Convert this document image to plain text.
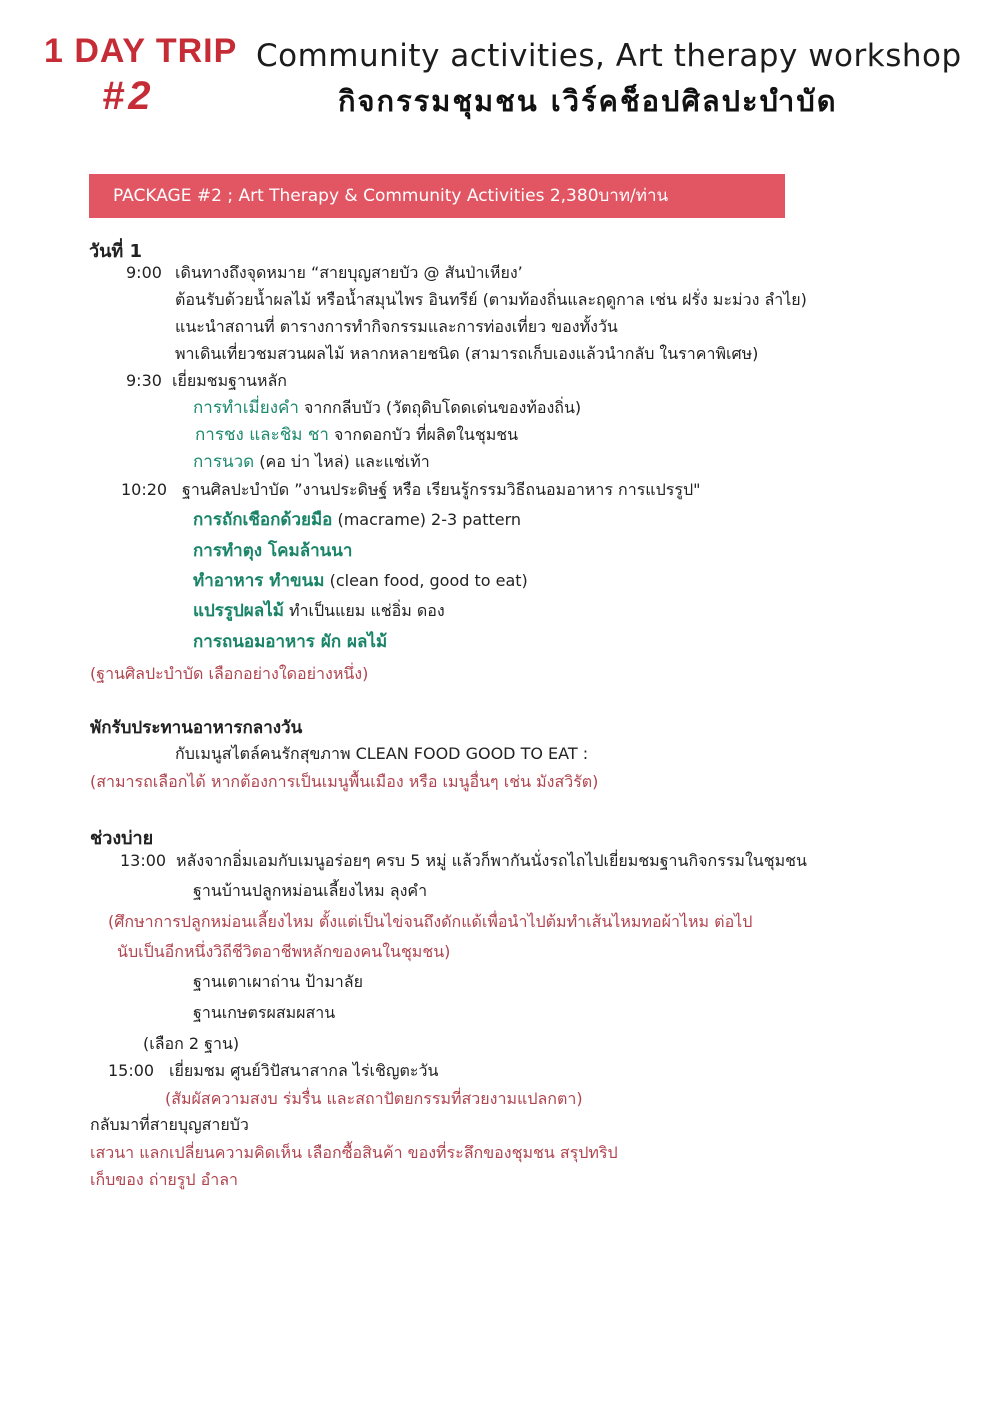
1 DAY TRIP
#2
Community activities, Art therapy workshop
กิจกรรมชุมชน เวิร์คช็อปศิลปะบำบัด
PACKAGE #2 ; Art Therapy & Community Activities 2,380บาท/ท่าน
วันที่ 1
9:00 เดินทางถึงจุดหมาย “สายบุญสายบัว @ สันป่าเหียง’
ต้อนรับด้วยน้ำผลไม้ หรือน้ำสมุนไพร อินทรีย์ (ตามท้องถิ่นและฤดูกาล เช่น ฝรั่ง มะม่วง ลำไย)
แนะนำสถานที่ ตารางการทำกิจกรรมและการท่องเที่ยว ของทั้งวัน
พาเดินเที่ยวชมสวนผลไม้ หลากหลายชนิด (สามารถเก็บเองแล้วนำกลับ ในราคาพิเศษ)
9:30 เยี่ยมชมฐานหลัก
การทำเมี่ยงคำ จากกลีบบัว (วัตถุดิบโดดเด่นของท้องถิ่น)
การชง และชิม ชา จากดอกบัว ที่ผลิตในชุมชน
การนวด (คอ บ่า ไหล่) และแช่เท้า
10:20 ฐานศิลปะบำบัด ”งานประดิษฐ์ หรือ เรียนรู้กรรมวิธีถนอมอาหาร การแปรรูป"
การถักเชือกด้วยมือ (macrame) 2-3 pattern
การทำตุง โคมล้านนา
ทำอาหาร ทำขนม (clean food, good to eat)
แปรรูปผลไม้ ทำเป็นแยม แช่อิ่ม ดอง
การถนอมอาหาร ผัก ผลไม้
(ฐานศิลปะบำบัด เลือกอย่างใดอย่างหนึ่ง)
พักรับประทานอาหารกลางวัน
กับเมนูสไตล์คนรักสุขภาพ CLEAN FOOD GOOD TO EAT :
(สามารถเลือกได้ หากต้องการเป็นเมนูพื้นเมือง หรือ เมนูอื่นๆ เช่น มังสวิรัต)
ช่วงบ่าย
13:00 หลังจากอิ่มเอมกับเมนูอร่อยๆ ครบ 5 หมู่ แล้วก็พากันนั่งรถไถไปเยี่ยมชมฐานกิจกรรมในชุมชน
ฐานบ้านปลูกหม่อนเลี้ยงไหม ลุงคำ
(ศึกษาการปลูกหม่อนเลี้ยงไหม ตั้งแต่เป็นไข่จนถึงดักแด้เพื่อนำไปต้มทำเส้นไหมทอผ้าไหม ต่อไป
นับเป็นอีกหนึ่งวิถีชีวิตอาชีพหลักของคนในชุมชน)
ฐานเตาเผาถ่าน ป้ามาลัย
ฐานเกษตรผสมผสาน
(เลือก 2 ฐาน)
15:00 เยี่ยมชม ศูนย์วิปัสนาสากล ไร่เชิญตะวัน
(สัมผัสความสงบ ร่มรื่น และสถาปัตยกรรมที่สวยงามแปลกตา)
กลับมาที่สายบุญสายบัว
เสวนา แลกเปลี่ยนความคิดเห็น เลือกซื้อสินค้า ของที่ระลึกของชุมชน สรุปทริป
เก็บของ ถ่ายรูป อำลา
